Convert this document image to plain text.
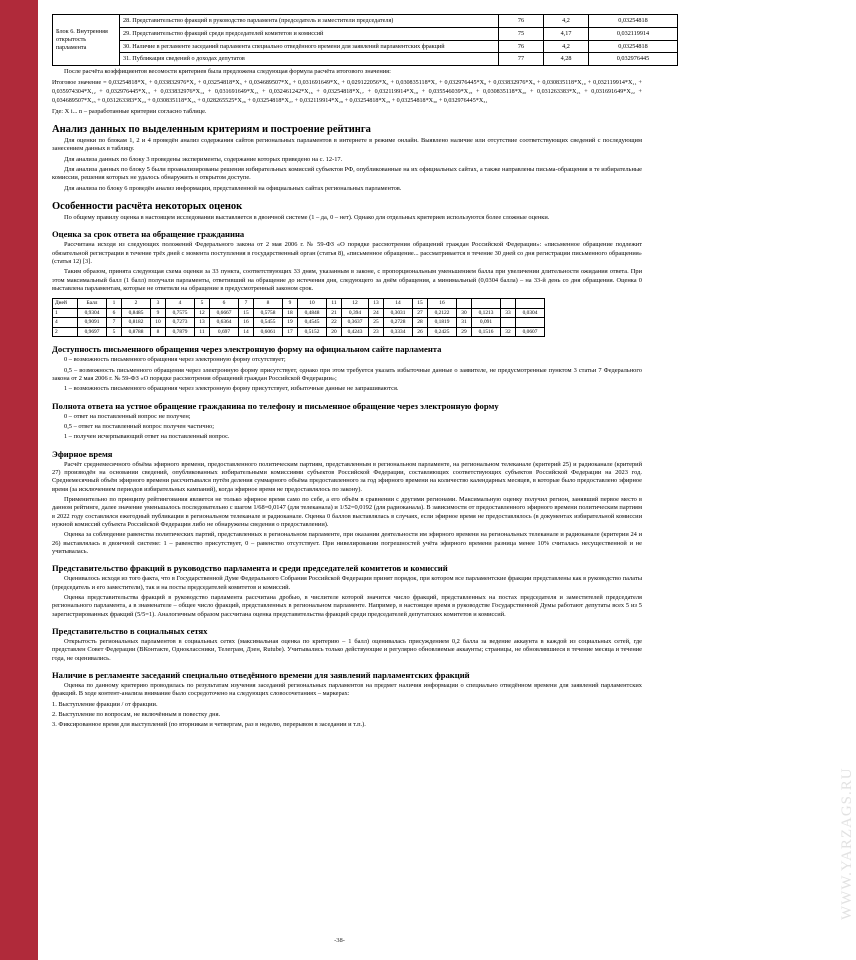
WWW.YARZAGS.RU
Блок 6. Внутренняя открытость парламента	28. Представительство фракций в руководство парламента (председатель и заместители председателя)	76	4,2	0,03254818
	29. Представительство фракций среди председателей комитетов и комиссий	75	4,17	0,032119914
	30. Наличие в регламенте заседаний парламента специально отведённого времени для заявлений парламентских фракций	76	4,2	0,03254818
	31. Публикация сведений о доходах депутатов	77	4,28	0,032976445

После расчёта коэффициентов весомости критериев была предложена следующая формула расчёта итогового значения:

Итоговое значение = 0,03254818*X₁ + 0,033832976*X₂ + 0,03254818*X₃ + 0,034689507*X₄ + 0,031691649*X₅ + 0,029122056*X₆ + 0,030835118*X₇ + 0,032976445*X₈ + 0,033832976*X₉ + 0,030835118*X₁₀ + 0,032119914*X₁₁ + 0,035974304*X₁₂ + 0,032976445*X₁₃ + 0,033832976*X₁₄ + 0,031691649*X₁₅ + 0,032461242*X₁₆ + 0,03254818*X₁₇ + 0,032119914*X₁₈ + 0,035546039*X₁₉ + 0,030835118*X₂₀ + 0,031263383*X₂₁ + 0,031691649*X₂₂ + 0,034689507*X₂₃ + 0,031263383*X₂₄ + 0,030835118*X₂₅ + 0,028265525*X₂₆ + 0,03254818*X₂₇ + 0,032119914*X₂₈ + 0,03254818*X₂₉ + 0,03254818*X₃₀ + 0,032976445*X₃₁

Где: Х i... n – разработанные критерии согласно таблице.

Анализ данных по выделенным критериям и построение рейтинга

Для оценки по блокам 1, 2 и 4 проведён анализ содержания сайтов региональных парламентов в интернете в режиме онлайн. Выявлено наличие или отсутствие соответствующих сведений с последующим занесением данных в таблицу.

Для анализа данных по блоку 3 проведены эксперименты, содержание которых приведено на с. 12-17.

Для анализа данных по блоку 5 были проанализированы решения избирательных комиссий субъектов РФ, опубликованные на их официальных сайтах, а также направлены письма-обращения в те избирательные комиссии, решения которых не удалось обнаружить в открытом доступе.

Для анализа по блоку 6 проведён анализ информации, представленной на официальных сайтах региональных парламентов.

Особенности расчёта некоторых оценок

По общему правилу оценка в настоящем исследовании выставляется в двоичной системе (1 – да, 0 – нет). Однако для отдельных критериев используются более сложные оценки.

Оценка за срок ответа на обращение гражданина

Рассчитана исходя из следующих положений Федерального закона от 2 мая 2006 г. № 59-ФЗ «О порядке рассмотрения обращений граждан Российской Федерации»: «письменное обращение подлежит обязательной регистрации в течение трёх дней с момента поступления в государственный орган (статья 8), «письменное обращение... рассматривается в течение 30 дней со дня регистрации письменного обращения» (статья 12) [3].

Таким образом, принята следующая схема оценки за 33 пункта, соответствующих 33 дням, указанным в законе, с пропорциональным уменьшением балла при увеличении длительности ожидания ответа. При этом максимальный балл (1 балл) получали парламенты, ответивший на обращение до истечения дня, следующего за днём обращения, а минимальный (0,0304 балла) – на 33-й день со дня обращения. Оценка 0 выставлена парламентам, которые не ответили на обращение в предусмотренный законом срок.

Дней	Балл	1	2	3	4	5	6	7	8	9	10	11	12	13	14	15	16				
1	0,9304	6	0,8485	9	0,7575	12	0,6667	15	0,5758	18	0,4848	21	0,394	24	0,3031	27	0,2122	30	0,1213	33	0,0304
4	0,9091	7	0,8182	10	0,7273	13	0,6364	16	0,5455	19	0,4545	22	0,3637	25	0,2728	28	0,1819	31	0,091		
2	0,9697	5	0,8788	8	0,7879	11	0,697	14	0,6061	17	0,5152	20	0,4243	23	0,3334	26	0,2425	29	0,1516	32	0,0607
Доступность письменного обращения через электронную форму на официальном сайте парламента

0 – возможность письменного обращения через электронную форму отсутствует;

0,5 – возможность письменного обращения через электронную форму присутствует, однако при этом требуется указать избыточные данные о заявителе, не предусмотренные пунктом 3 статьи 7 Федерального закона от 2 мая 2006 г. № 59-ФЗ «О порядке рассмотрения обращений граждан Российской Федерации»;

1 – возможность письменного обращения через электронную форму присутствует, избыточные данные не запрашиваются.

Полнота ответа на устное обращение гражданина по телефону и письменное обращение через электронную форму

0 – ответ на поставленный вопрос не получен;

0,5 – ответ на поставленный вопрос получен частично;

1 – получен исчерпывающий ответ на поставленный вопрос.

Эфирное время

Расчёт среднемесячного объёма эфирного времени, предоставленного политическим партиям, представленным в региональном парламенте, на региональном телеканале (критерий 25) и радиоканале (критерий 27) производён на основании сведений, опубликованных избирательными комиссиями субъектов Российской Федерации, составляющих соответствующих субъектов Российской Федерации на 2023 год. Среднемесячный объём эфирного времени рассчитывался путём деления суммарного объёма предоставленного за год эфирного времени на количество календарных месяцев, в которые было предоставлено эфирное время (за исключением периодов избирательных кампаний), когда эфирное время не предоставлялось по закону).

Применительно по принципу рейтингования является не только эфирное время само по себе, а его объём в сравнении с другими регионами. Максимальную оценку получил регион, занявший первое место в данном рейтинге, далее значение уменьшалось последовательно с шагом 1/68=0,0147 (для телеканала) и 1/52=0,0192 (для радиоканала). В зависимости от предоставленного эфирного времени политическим партиям в 2022 году составлялся ежегодный публикации в региональном телеканале и радиоканале. Оценка 0 баллов выставлялась в случаях, если эфирное время не предоставлялось (в документах избирательной комиссии нужной комиссий субъекта Российской Федерации либо не обнаружены сведения о предоставлении).

Оценка за соблюдение равенства политических партий, представленных в региональном парламенте, при оказании деятельности им эфирного времени на региональных телеканале и радиоканале (критерии 24 и 26) выставлялась в двоичной системе: 1 – равенство присутствует, 0 – равенство отсутствует. При нивелировании погрешностей учёта эфирного времени разница менее 10% считалась несущественной и не учитывалась.

Представительство фракций в руководство парламента и среди председателей комитетов и комиссий

Оценивалось исходя из того факта, что в Государственной Думе Федерального Собрания Российской Федерации принят порядок, при котором все парламентские фракции представлены как в руководство палаты (председатель и его заместители), так и на посты председателей комитетов и комиссий.

Оценка представительства фракций в руководство парламента рассчитана дробью, в числителе которой значится число фракций, представленных на постах председателя и заместителей председателя регионального парламента, а в знаменателе – общее число фракций, представленных в региональном парламенте. Например, в настоящее время в руководстве Государственной Думы работают депутаты всех 5 из 5 зарегистрированных фракций (5/5=1). Аналогичным образом рассчитана оценка представительства фракций среди председателей депутатских комитетов и комиссий.

Представительство в социальных сетях

Открытость региональных парламентов в социальных сетях (максимальная оценка по критерию – 1 балл) оценивалась присуждением 0,2 балла за ведение аккаунта в каждой из социальных сетей, где представлен Совет Федерации (ВКонтакте, Одноклассники, Телеграм, Дзен, Rutube). Учитывались только действующие и регулярно обновляемые аккаунты; страницы, не обновлявшиеся в течение месяца и течение года, не оценивались.

Наличие в регламенте заседаний специально отведённого времени для заявлений парламентских фракций

Оценка по данному критерию проводилась по результатам изучения заседаний региональных парламентов на предмет наличия информации о специально отведённом времени для заявлений парламентских фракций. В ходе контент-анализа внимание было сосредоточено на следующих словосочетаниях – маркерах:

1. Выступление фракции / от фракции.

2. Выступление по вопросам, не включённым в повестку дня.

3. Фиксированное время для выступлений (по вторникам и четвергам, раз в неделю, перерывом в заседании и т.п.).

-38-
